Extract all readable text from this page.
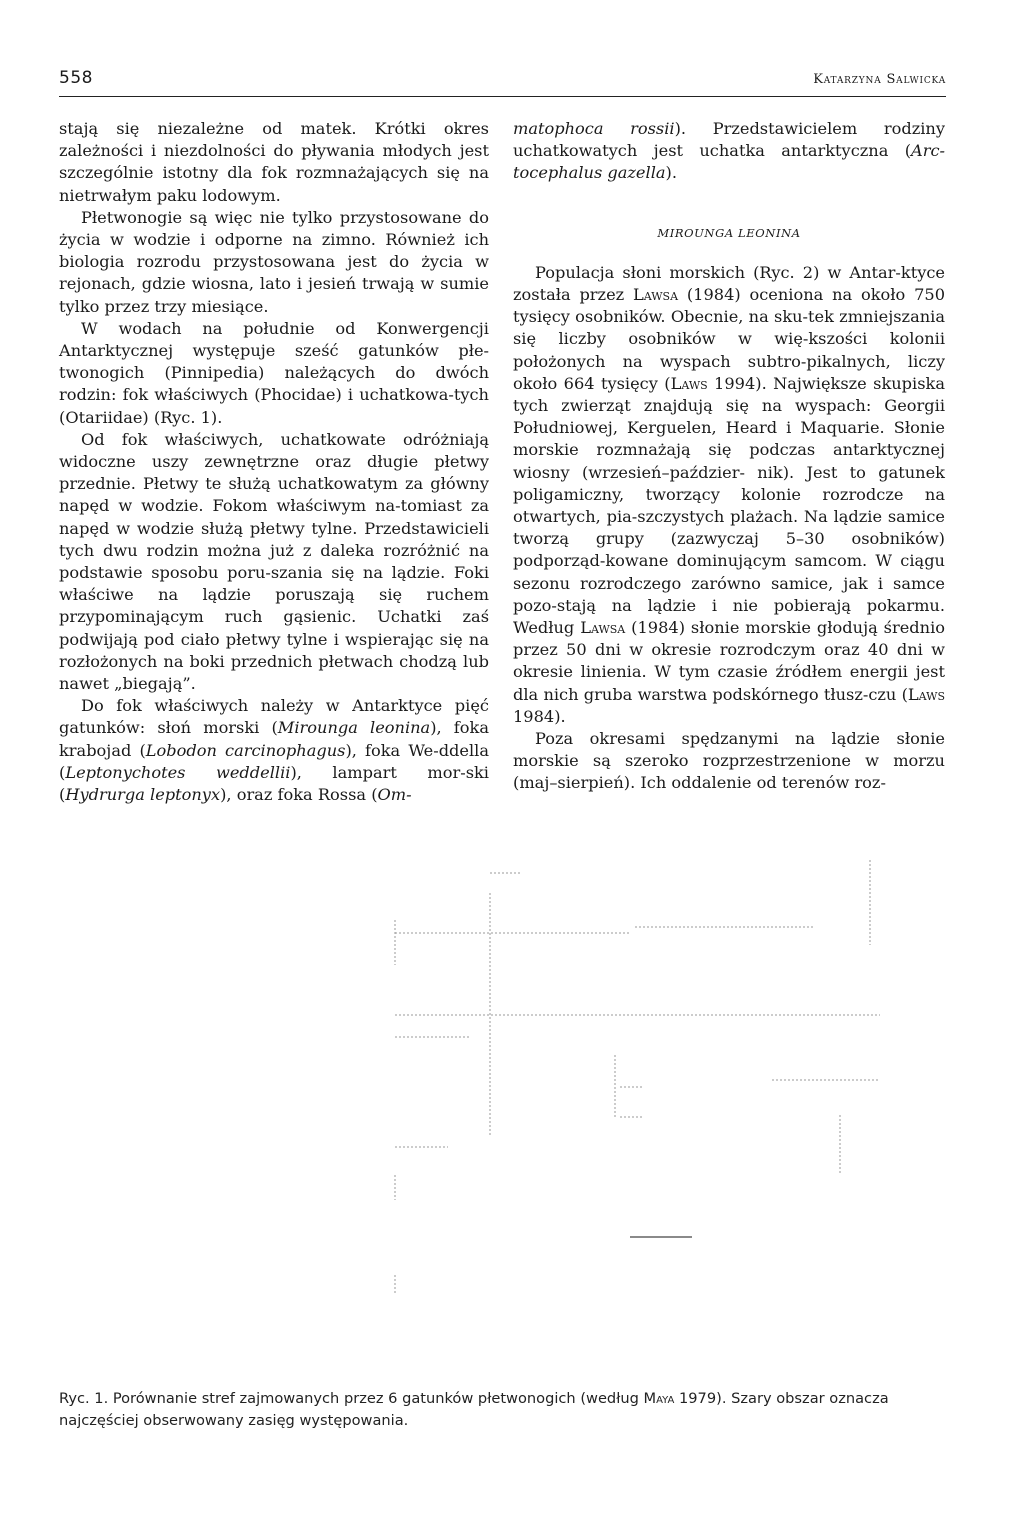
558	Katarzyna Salwicka

stają się niezależne od matek. Krótki okres zależności i niezdolności do pływania młodych jest szczególnie istotny dla fok rozmnażających się na nietrwałym paku lodowym.

Płetwonogie są więc nie tylko przystosowane do życia w wodzie i odporne na zimno. Również ich biologia rozrodu przystosowana jest do życia w rejonach, gdzie wiosna, lato i jesień trwają w sumie tylko przez trzy miesiące.

W wodach na południe od Konwergencji Antarktycznej występuje sześć gatunków płe-twonogich (Pinnipedia) należących do dwóch rodzin: fok właściwych (Phocidae) i uchatkowa-tych (Otariidae) (Ryc. 1).

Od fok właściwych, uchatkowate odróżniają widoczne uszy zewnętrzne oraz długie płetwy przednie. Płetwy te służą uchatkowatym za główny napęd w wodzie. Fokom właściwym na-tomiast za napęd w wodzie służą płetwy tylne. Przedstawicieli tych dwu rodzin można już z daleka rozróżnić na podstawie sposobu poru-szania się na lądzie. Foki właściwe na lądzie poruszają się ruchem przypominającym ruch gąsienic. Uchatki zaś podwijają pod ciało płetwy tylne i wspierając się na rozłożonych na boki przednich płetwach chodzą lub nawet „biegają”.

Do fok właściwych należy w Antarktyce pięć gatunków: słoń morski (Mirounga leonina), foka krabojad (Lobodon carcinophagus), foka We-ddella (Leptonychotes weddellii), lampart mor-ski (Hydrurga leptonyx), oraz foka Rossa (Om-

matophoca rossii). Przedstawicielem rodziny uchatkowatych jest uchatka antarktyczna (Arc-tocephalus gazella).

MIROUNGA LEONINA

Populacja słoni morskich (Ryc. 2) w Antar-ktyce została przez Lawsa (1984) oceniona na około 750 tysięcy osobników. Obecnie, na sku-tek zmniejszania się liczby osobników w wię-kszości kolonii położonych na wyspach subtro-pikalnych, liczy około 664 tysięcy (Laws 1994). Największe skupiska tych zwierząt znajdują się na wyspach: Georgii Południowej, Kerguelen, Heard i Maquarie. Słonie morskie rozmnażają się podczas antarktycznej wiosny (wrzesień–paździer- nik). Jest to gatunek poligamiczny, tworzący kolonie rozrodcze na otwartych, pia-szczystych plażach. Na lądzie samice tworzą grupy (zazwyczaj 5–30 osobników) podporząd-kowane dominującym samcom. W ciągu sezonu rozrodczego zarówno samice, jak i samce pozo-stają na lądzie i nie pobierają pokarmu. Według Lawsa (1984) słonie morskie głodują średnio przez 50 dni w okresie rozrodczym oraz 40 dni w okresie linienia. W tym czasie źródłem energii jest dla nich gruba warstwa podskórnego tłusz-czu (Laws 1984).

Poza okresami spędzanymi na lądzie słonie morskie są szeroko rozprzestrzenione w morzu (maj–sierpień). Ich oddalenie od terenów roz-

Ryc. 1. Porównanie stref zajmowanych przez 6 gatunków płetwonogich (według Maya 1979). Szary obszar oznacza najczęściej obserwowany zasięg występowania.
